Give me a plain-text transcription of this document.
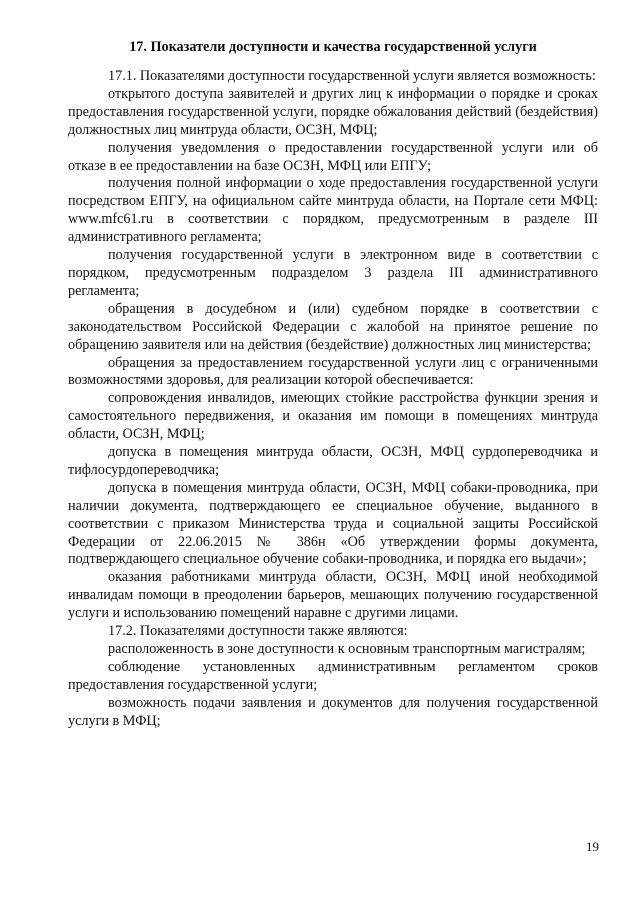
17. Показатели доступности и качества государственной услуги

17.1. Показателями доступности государственной услуги является возможность:

открытого доступа заявителей и других лиц к информации о порядке и сроках предоставления государственной услуги, порядке обжалования действий (бездействия) должностных лиц минтруда области, ОСЗН, МФЦ;

получения уведомления о предоставлении государственной услуги или об отказе в ее предоставлении на базе ОСЗН, МФЦ или ЕПГУ;

получения полной информации о ходе предоставления государственной услуги посредством ЕПГУ, на официальном сайте минтруда области, на Портале сети МФЦ: www.mfc61.ru в соответствии с порядком, предусмотренным в разделе III административного регламента;

получения государственной услуги в электронном виде в соответствии с порядком, предусмотренным подразделом 3 раздела III административного регламента;

обращения в досудебном и (или) судебном порядке в соответствии с законодательством Российской Федерации с жалобой на принятое решение по обращению заявителя или на действия (бездействие) должностных лиц министерства;

обращения за предоставлением государственной услуги лиц с ограниченными возможностями здоровья, для реализации которой обеспечивается:

сопровождения инвалидов, имеющих стойкие расстройства функции зрения и самостоятельного передвижения, и оказания им помощи в помещениях минтруда области, ОСЗН, МФЦ;

допуска в помещения минтруда области, ОСЗН, МФЦ сурдопереводчика и тифлосурдопереводчика;

допуска в помещения минтруда области, ОСЗН, МФЦ собаки-проводника, при наличии документа, подтверждающего ее специальное обучение, выданного в соответствии с приказом Министерства труда и социальной защиты Российской Федерации от 22.06.2015 № 386н «Об утверждении формы документа, подтверждающего специальное обучение собаки-проводника, и порядка его выдачи»;

оказания работниками минтруда области, ОСЗН, МФЦ иной необходимой инвалидам помощи в преодолении барьеров, мешающих получению государственной услуги и использованию помещений наравне с другими лицами.

17.2. Показателями доступности также являются:

расположенность в зоне доступности к основным транспортным магистралям;

соблюдение установленных административным регламентом сроков предоставления государственной услуги;

возможность подачи заявления и документов для получения государственной услуги в МФЦ;

19
